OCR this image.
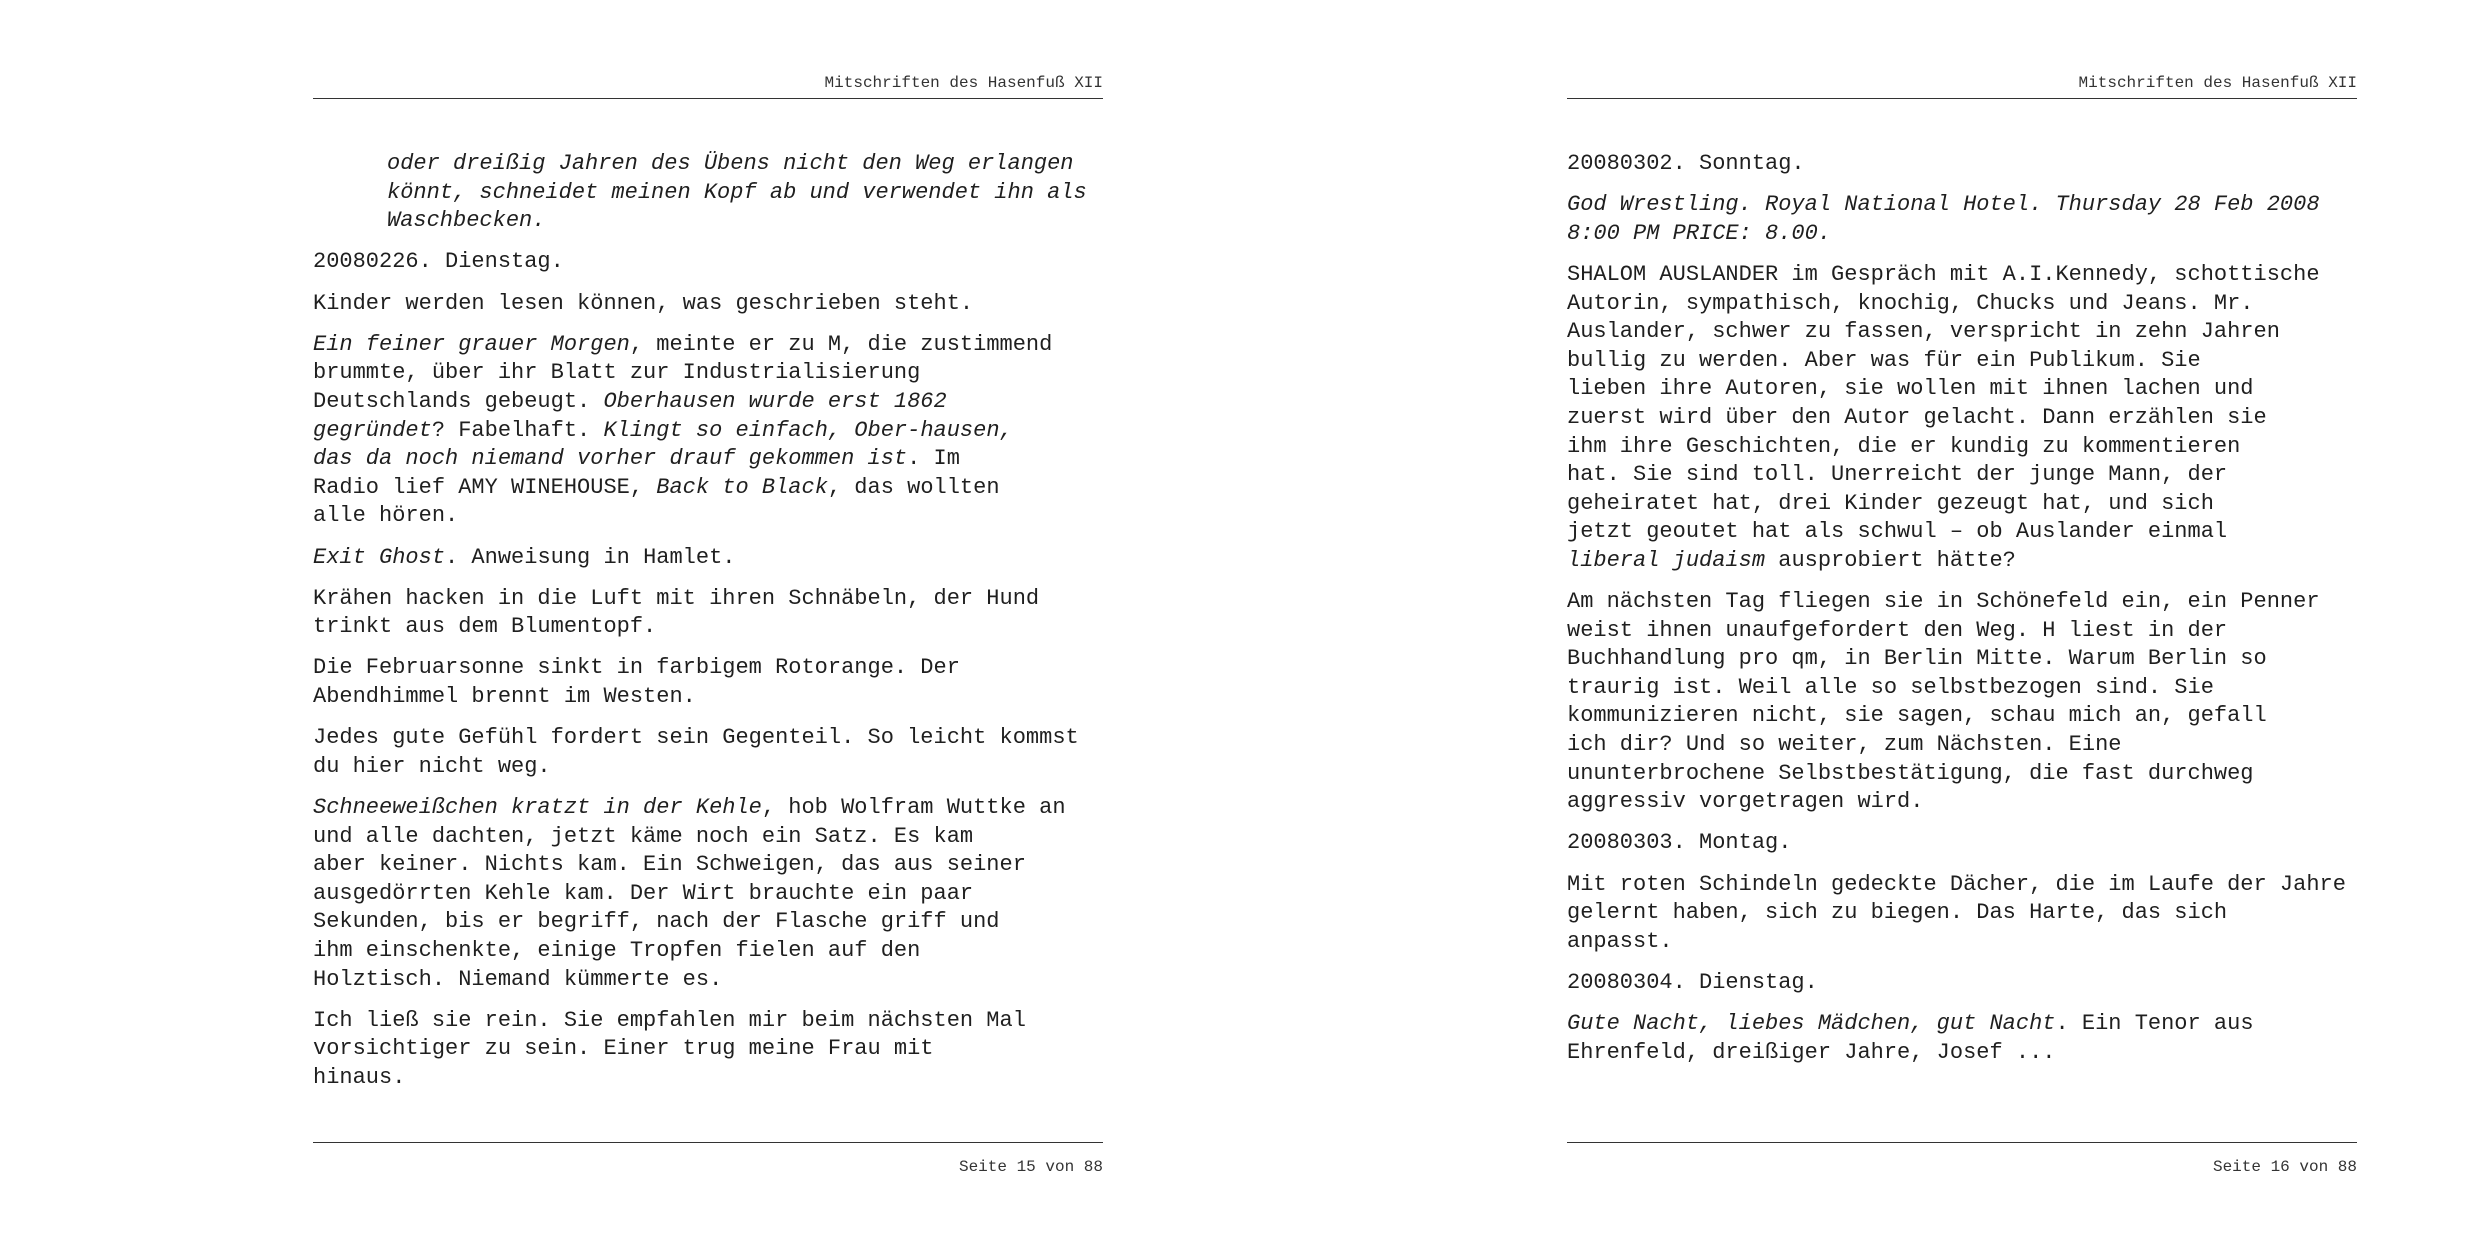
Mitschriften des Hasenfuß XII

oder dreißig Jahren des Übens nicht den Weg erlangen
könnt, schneidet meinen Kopf ab und verwendet ihn als
Waschbecken.

20080226. Dienstag.

Kinder werden lesen können, was geschrieben steht.

Ein feiner grauer Morgen, meinte er zu M, die zustimmend
brummte, über ihr Blatt zur Industrialisierung
Deutschlands gebeugt. Oberhausen wurde erst 1862
gegründet? Fabelhaft. Klingt so einfach, Ober-hausen,
das da noch niemand vorher drauf gekommen ist. Im
Radio lief AMY WINEHOUSE, Back to Black, das wollten
alle hören.

Exit Ghost. Anweisung in Hamlet.

Krähen hacken in die Luft mit ihren Schnäbeln, der Hund
trinkt aus dem Blumentopf.

Die Februarsonne sinkt in farbigem Rotorange. Der
Abendhimmel brennt im Westen.

Jedes gute Gefühl fordert sein Gegenteil. So leicht kommst
du hier nicht weg.

Schneeweißchen kratzt in der Kehle, hob Wolfram Wuttke an
und alle dachten, jetzt käme noch ein Satz. Es kam
aber keiner. Nichts kam. Ein Schweigen, das aus seiner
ausgedörrten Kehle kam. Der Wirt brauchte ein paar
Sekunden, bis er begriff, nach der Flasche griff und
ihm einschenkte, einige Tropfen fielen auf den
Holztisch. Niemand kümmerte es.

Ich ließ sie rein. Sie empfahlen mir beim nächsten Mal
vorsichtiger zu sein. Einer trug meine Frau mit
hinaus.

Seite 15 von 88
Mitschriften des Hasenfuß XII

20080302. Sonntag.

God Wrestling. Royal National Hotel. Thursday 28 Feb 2008
8:00 PM PRICE: 8.00.

SHALOM AUSLANDER im Gespräch mit A.I.Kennedy, schottische
Autorin, sympathisch, knochig, Chucks und Jeans. Mr.
Auslander, schwer zu fassen, verspricht in zehn Jahren
bullig zu werden. Aber was für ein Publikum. Sie
lieben ihre Autoren, sie wollen mit ihnen lachen und
zuerst wird über den Autor gelacht. Dann erzählen sie
ihm ihre Geschichten, die er kundig zu kommentieren
hat. Sie sind toll. Unerreicht der junge Mann, der
geheiratet hat, drei Kinder gezeugt hat, und sich
jetzt geoutet hat als schwul – ob Auslander einmal
liberal judaism ausprobiert hätte?

Am nächsten Tag fliegen sie in Schönefeld ein, ein Penner
weist ihnen unaufgefordert den Weg. H liest in der
Buchhandlung pro qm, in Berlin Mitte. Warum Berlin so
traurig ist. Weil alle so selbstbezogen sind. Sie
kommunizieren nicht, sie sagen, schau mich an, gefall
ich dir? Und so weiter, zum Nächsten. Eine
ununterbrochene Selbstbestätigung, die fast durchweg
aggressiv vorgetragen wird.

20080303. Montag.

Mit roten Schindeln gedeckte Dächer, die im Laufe der Jahre
gelernt haben, sich zu biegen. Das Harte, das sich
anpasst.

20080304. Dienstag.

Gute Nacht, liebes Mädchen, gut Nacht. Ein Tenor aus
Ehrenfeld, dreißiger Jahre, Josef ...

Seite 16 von 88
